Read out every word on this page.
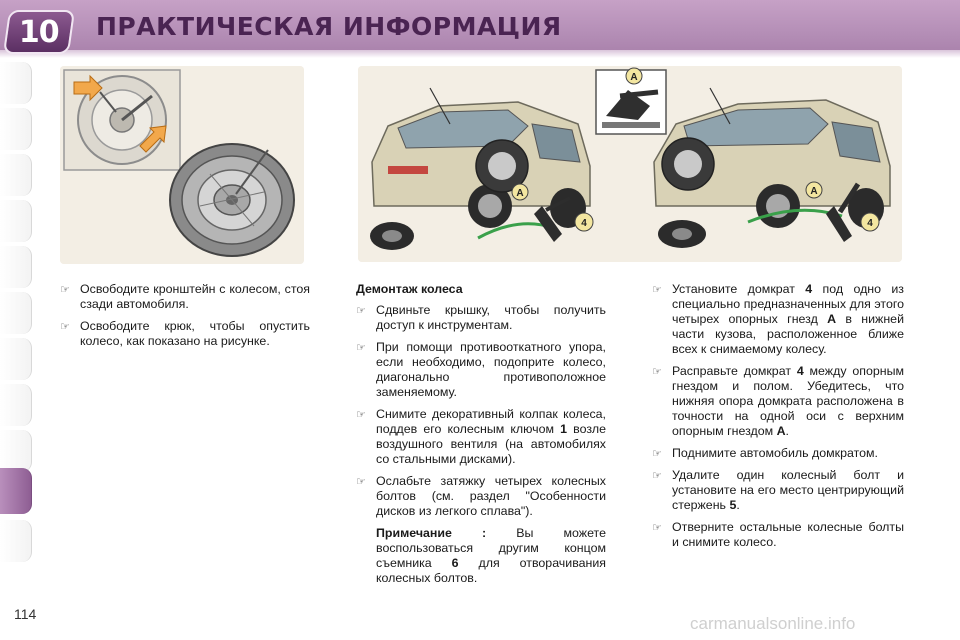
10 ПРАКТИЧЕСКАЯ ИНФОРМАЦИЯ
A
4
A
A
4
☞ Освободите кронштейн с колесом, стоя сзади автомобиля.
☞ Освободите крюк, чтобы опустить колесо, как показано на рисунке.
Демонтаж колеса
☞ Сдвиньте крышку, чтобы получить доступ к инструментам.
☞ При помощи противооткатного упора, если необходимо, подоприте колесо, диагонально противоположное заменяемому.
☞ Снимите декоративный колпак колеса, поддев его колесным ключом 1 возле воздушного вентиля (на автомобилях со стальными дисками).
☞ Ослабьте затяжку четырех колесных болтов (см. раздел "Особенности дисков из легкого сплава").
Примечание : Вы можете воспользоваться другим концом съемника 6 для отворачивания колесных болтов.
☞ Установите домкрат 4 под одно из специально предназначенных для этого четырех опорных гнезд A в нижней части кузова, расположенное ближе всех к снимаемому колесу.
☞ Расправьте домкрат 4 между опорным гнездом и полом. Убедитесь, что нижняя опора домкрата расположена в точности на одной оси с верхним опорным гнездом A.
☞ Поднимите автомобиль домкратом.
☞ Удалите один колесный болт и установите на его место центрирующий стержень 5.
☞ Отверните остальные колесные болты и снимите колесо.
114	carmanualsonline.info
